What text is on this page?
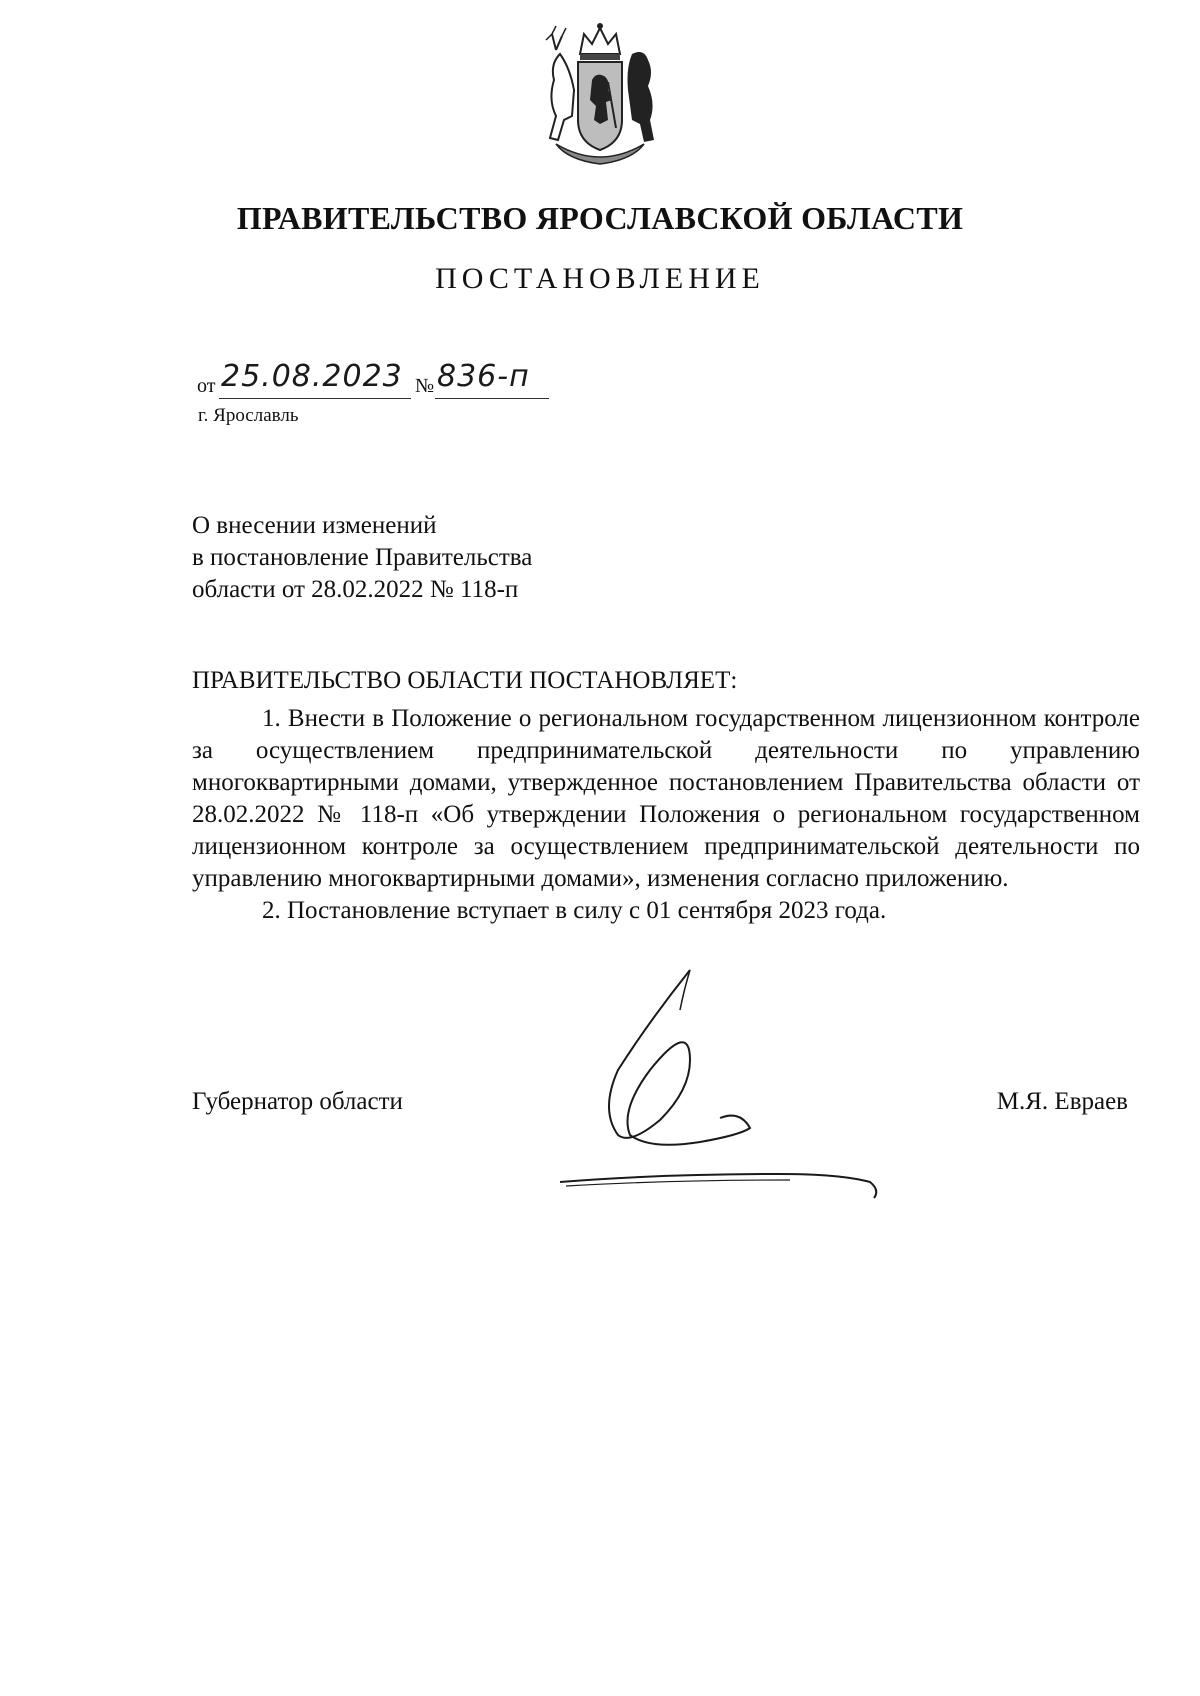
ПРАВИТЕЛЬСТВО ЯРОСЛАВСКОЙ ОБЛАСТИ
ПОСТАНОВЛЕНИЕ
от 25.08.2023 № 836-п
г. Ярославль
О внесении изменений
в постановление Правительства
области от 28.02.2022 № 118-п
ПРАВИТЕЛЬСТВО ОБЛАСТИ ПОСТАНОВЛЯЕТ:

1. Внести в Положение о региональном государственном лицензионном контроле за осуществлением предпринимательской деятельности по управлению многоквартирными домами, утвержденное постановлением Правительства области от 28.02.2022 № 118-п «Об утверждении Положения о региональном государственном лицензионном контроле за осуществлением предпринимательской деятельности по управлению многоквартирными домами», изменения согласно приложению.

2. Постановление вступает в силу с 01 сентября 2023 года.

Губернатор области	М.Я. Евраев
